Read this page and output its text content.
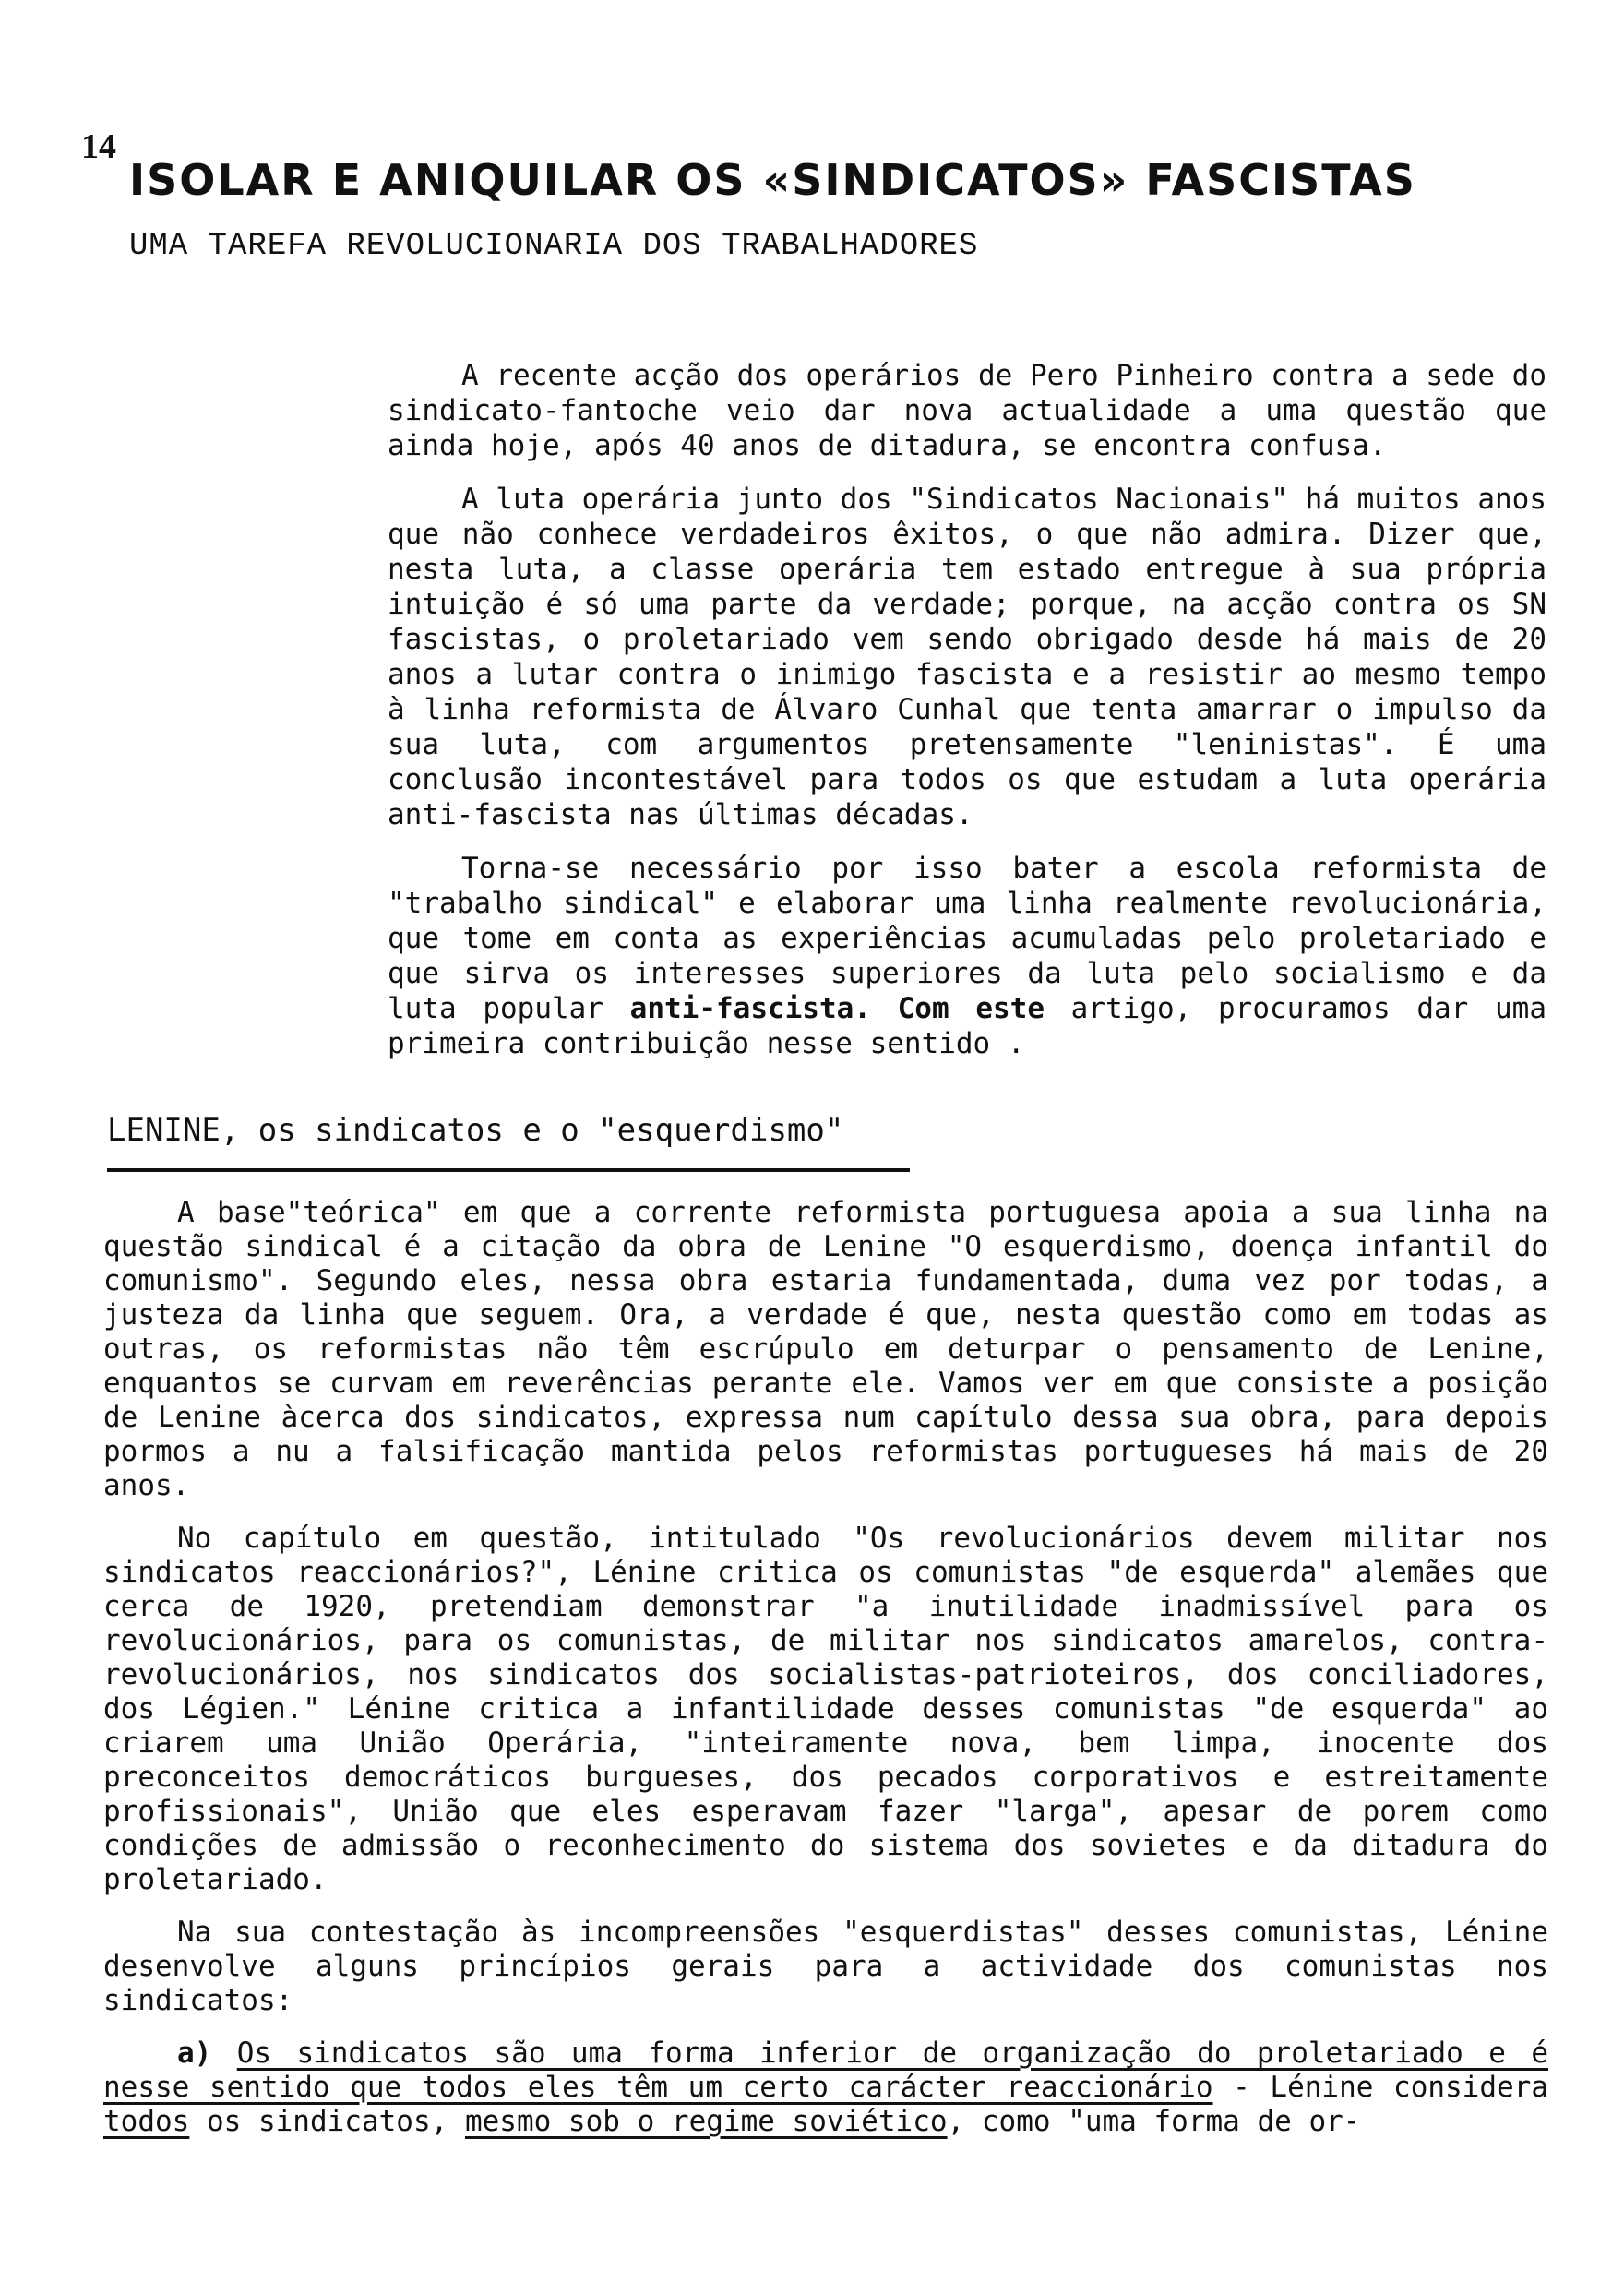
14
ISOLAR E ANIQUILAR OS «SINDICATOS» FASCISTAS
UMA TAREFA REVOLUCIONARIA DOS TRABALHADORES

A recente acção dos operários de Pero Pinheiro contra a sede do sindicato-fantoche veio dar nova actualidade a uma questão que ainda hoje, após 40 anos de ditadura, se encontra confusa.

A luta operária junto dos "Sindicatos Nacionais" há muitos anos que não conhece verdadeiros êxitos, o que não admira. Dizer que, nesta luta, a classe operária tem estado entregue à sua própria intuição é só uma parte da verdade; porque, na acção contra os SN fascistas, o proletariado vem sendo obrigado desde há mais de 20 anos a lutar contra o inimigo fascista e a resistir ao mesmo tempo à linha reformista de Álvaro Cunhal que tenta amarrar o impulso da sua luta, com argumentos pretensamente "leninistas". É uma conclusão incontestável para todos os que estudam a luta operária anti-fascista nas últimas décadas.

Torna-se necessário por isso bater a escola reformista de "trabalho sindical" e elaborar uma linha realmente revolucionária, que tome em conta as experiências acumuladas pelo proletariado e que sirva os interesses superiores da luta pelo socialismo e da luta popular anti-fascista. Com este artigo, procuramos dar uma primeira contribuição nesse sentido .

LENINE, os sindicatos e o "esquerdismo"

A base"teórica" em que a corrente reformista portuguesa apoia a sua linha na questão sindical é a citação da obra de Lenine "O esquerdismo, doença infantil do comunismo". Segundo eles, nessa obra estaria fundamentada, duma vez por todas, a justeza da linha que seguem. Ora, a verdade é que, nesta questão como em todas as outras, os reformistas não têm escrúpulo em deturpar o pensamento de Lenine, enquantos se curvam em reverências perante ele. Vamos ver em que consiste a posição de Lenine àcerca dos sindicatos, expressa num capítulo dessa sua obra, para depois pormos a nu a falsificação mantida pelos reformistas portugueses há mais de 20 anos.

No capítulo em questão, intitulado "Os revolucionários devem militar nos sindicatos reaccionários?", Lénine critica os comunistas "de esquerda" alemães que cerca de 1920, pretendiam demonstrar "a inutilidade inadmissível para os revolucionários, para os comunistas, de militar nos sindicatos amarelos, contra-revolucionários, nos sindicatos dos socialistas-patrioteiros, dos conciliadores, dos Légien." Lénine critica a infantilidade desses comunistas "de esquerda" ao criarem uma União Operária, "inteiramente nova, bem limpa, inocente dos preconceitos democráticos burgueses, dos pecados corporativos e estreitamente profissionais", União que eles esperavam fazer "larga", apesar de porem como condições de admissão o reconhecimento do sistema dos sovietes e da ditadura do proletariado.

Na sua contestação às incompreensões "esquerdistas" desses comunistas, Lénine desenvolve alguns princípios gerais para a actividade dos comunistas nos sindicatos:

a) Os sindicatos são uma forma inferior de organização do proletariado e é nesse sentido que todos eles têm um certo carácter reaccionário - Lénine considera todos os sindicatos, mesmo sob o regime soviético, como "uma forma de or-
